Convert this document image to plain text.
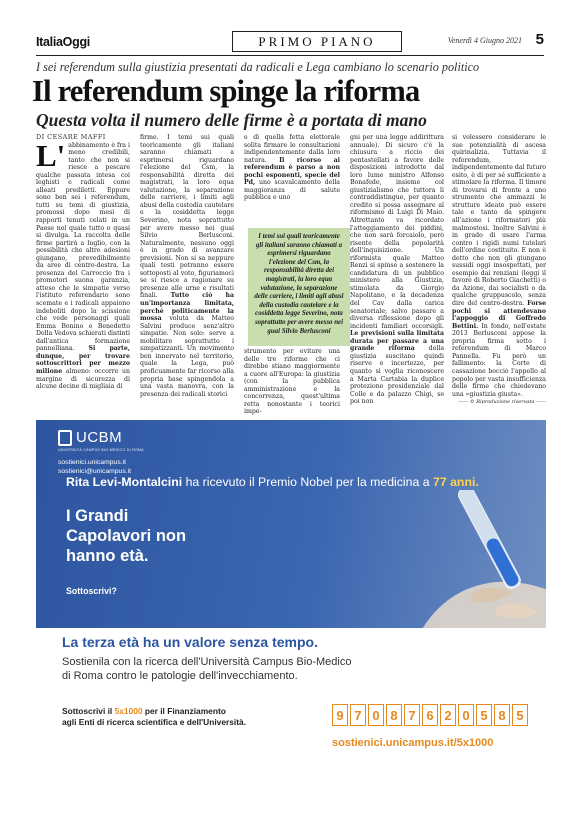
ItaliaOggi	PRIMO PIANO	Venerdì 4 Giugno 2021 5
I sei referendum sulla giustizia presentati da radicali e Lega cambiano lo scenario politico
Il referendum spinge la riforma
Questa volta il numero delle firme è a portata di mano

DI CESARE MAFFI

L' abbinamento è fra i meno credibili, tanto che non si riesce a pescare qualche passata intesa coi leghisti e radicali come alleati prediletti. Eppure sono ben sei i referendum, tutti su temi di giustizia, promossi dopo mesi di rapporti tenuti celati in un Paese nel quale tutto o quasi si divulga. La raccolta delle firme partirà a luglio, con la possibilità che altre adesioni giungano, prevedibilmente da aree di centro-destra. La presenza del Carroccio fra i promotori suona garanzia, atteso che le simpatie verso l'istituto referendario sono scemate e i radicali appaiono indeboliti dopo la scissione che vede personaggi quali Emma Bonino e Benedetto Della Vedova schierati distinti dall'antica formazione pannelliana. Si parte, dunque, per trovare sottoscrittori per mezzo milione almeno: occorre un margine di sicurezza di alcune decine di migliaia di

firme. I temi sui quali teoricamente gli italiani saranno chiamati a esprimersi riguardano l'elezione del Csm, la responsabilità diretta dei magistrati, la loro equa valutazione, la separazione delle carriere, i limiti agli abusi della custodia cautelare e la cosiddetta legge Severino, nota soprattutto per avere messo nei guai Silvio Berlusconi. Naturalmente, nessuno oggi è in grado di avanzare previsioni. Non si sa neppure quali testi potranno essere sottoposti al voto, figuriamoci se si riesce a ragionare su presenze alle urne e risultati finali. Tutto ciò ha un'importanza limitata, perché politicamente la mossa voluta da Matteo Salvini produce senz'altro simpatie. Non solo: serve a mobilitare soprattutto i simpatizzanti. Un movimento ben innervato nel territorio, quale la Lega, può proficuamente far ricorso alla propria base spingendola a una vasta manovra, con la presenza dei radicali storici

e di quella fetta elettorale solita firmare le consultazioni indipendentemente dalla loro natura. Il ricorso ai referendum è parso a non pochi esponenti, specie del Pd, uno scavalcamento della maggioranza di salute pubblica e uno

strumento per evitare una delle tre riforme che ci direbbe stiano maggiormente a cuore all'Europa: la giustizia (con la pubblica amministrazione e la concorrenza, quest'ultima retta nonostante i teorici impe-

gni per una legge addirittura annuale). Di sicuro c'è la chiusura a riccio dei pentastellati a favore delle disposizioni introdotte dal loro lume ministro Alfonso Bonafede, insieme col giustizialismo che tuttora li contraddistingue, per quanto credito si possa assegnare al riformismo di Luigi Di Maio. Altrettanto va ricordato l'atteggiamento dei piddini, che non sarà forcaiolo, però risente della popolarità dell'inquisizione. Un riformista quale Matteo Renzi si spinse a sostenere la candidatura di un pubblico ministero alla Giustizia, stimolata da Giorgio Napolitano, e la decadenza del Cav dalla carica senatoriale; salvo passare a diversa riflessione dopo gli incidenti familiari occorsigli. Le previsioni sulla limitata durata per passare a una grande riforma della giustizia suscitano quindi riserve e incertezze, per quanto si voglia riconoscere a Marta Cartabia la duplice protezione presidenziale dal Colle e da palazzo Chigi, se poi non

si volessero considerare le sue potenzialità di ascesa quirinalizia. Tuttavia il referendum, indipendentemente dal futuro esito, è di per sé sufficiente a stimolare la riforma. Il timore di trovarsi di fronte a uno strumento che ammazzi le strutture ideate può essere tale e tanto da spingere all'azione i riformatori più malmostosi. Inoltre Salvini è in grado di usare l'arma contro i rigidi numi tutelari dell'ordine costituito. E non è detto che non gli giungano sussidi oggi insospettati, per esempio dai renziani (leggi il favore di Roberto Giachetti) o da Azione, dai socialisti o da qualche gruppuscolo, senza dire del centro-destra. Forse pochi si attendevano l'appoggio di Goffredo Bettini. In fondo, nell'estate 2013 Berlusconi appose la propria firma sotto i referendum di Marco Pannella. Fu però un fallimento: la Corte di cassazione bocciò l'appello al popolo per vasta insufficienza delle firme che chiedevano una «giustizia giusta».

—— © Riproduzione riservata ——

I temi sui quali teoricamente gli italiani saranno chiamati a esprimersi riguardano l'elezione del Csm, la responsabilità diretta dei magistrati, la loro equa valutazione, la separazione delle carriere, i limiti agli abusi della custodia cautelare e la cosiddetta legge Severino, nota soprattutto per avere messo nei guai Silvio Berlusconi
UCBM
UNIVERSITÀ CAMPUS BIO-MEDICO DI ROMA
sostienici.unicampus.it
sostienici@unicampus.it
Rita Levi-Montalcini ha ricevuto il Premio Nobel per la medicina a 77 anni.
I Grandi Capolavori non hanno età.
Sottoscrivi?
La terza età ha un valore senza tempo.
Sostienila con la ricerca dell'Università Campus Bio-Medico
di Roma contro le patologie dell'invecchiamento.
Sottoscrivi il 5x1000 per il Finanziamento
agli Enti di ricerca scientifica e dell'Università.	9 7 0 8 7 6 2 0 5 8 5
sostienici.unicampus.it/5x1000
